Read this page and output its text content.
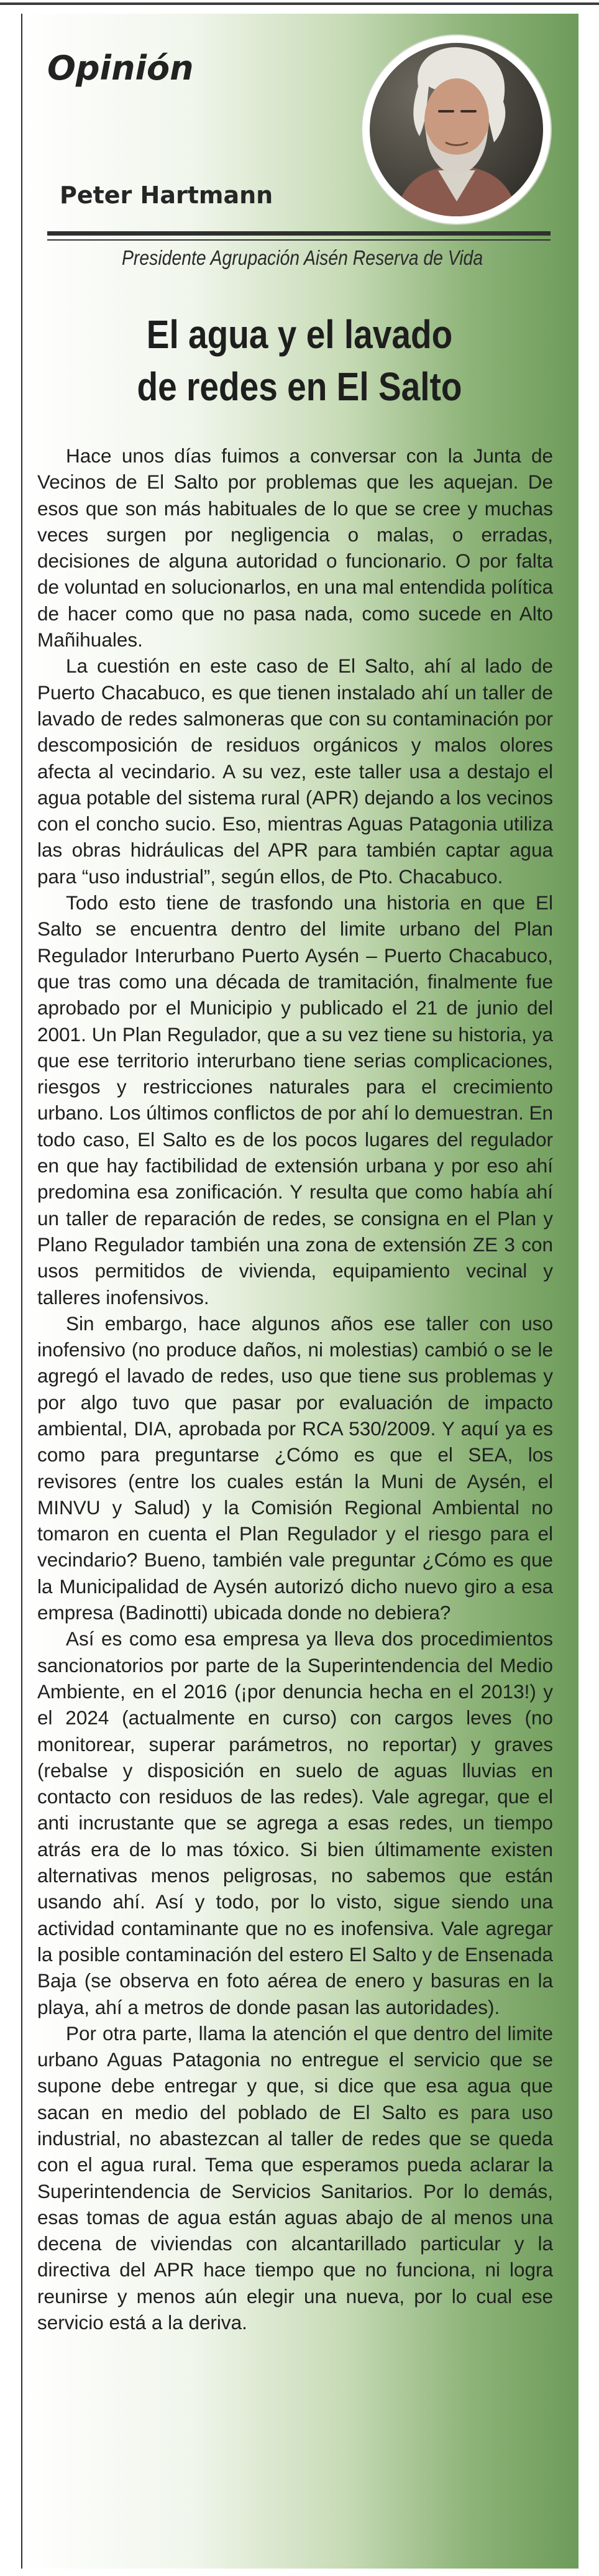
Opinión
Peter Hartmann
Presidente Agrupación Aisén Reserva de Vida
El agua y el lavado
de redes en El Salto

Hace unos días fuimos a conversar con la Junta de Vecinos de El Salto por problemas que les aquejan. De esos que son más habituales de lo que se cree y muchas veces surgen por negligencia o malas, o erradas, decisiones de alguna autoridad o funcionario. O por falta de voluntad en solucionarlos, en una mal entendida política de hacer como que no pasa nada, como sucede en Alto Mañihuales.

La cuestión en este caso de El Salto, ahí al lado de Puerto Chacabuco, es que tienen instalado ahí un taller de lavado de redes salmoneras que con su contaminación por descomposición de residuos orgánicos y malos olores afecta al vecindario. A su vez, este taller usa a destajo el agua potable del sistema rural (APR) dejando a los vecinos con el concho sucio. Eso, mientras Aguas Patagonia utiliza las obras hidráulicas del APR para también captar agua para “uso industrial”, según ellos, de Pto. Chacabuco.

Todo esto tiene de trasfondo una historia en que El Salto se encuentra dentro del limite urbano del Plan Regulador Interurbano Puerto Aysén – Puerto Chacabuco, que tras como una década de tramitación, finalmente fue aprobado por el Municipio y publicado el 21 de junio del 2001. Un Plan Regulador, que a su vez tiene su historia, ya que ese territorio interurbano tiene serias complicaciones, riesgos y restricciones naturales para el crecimiento urbano. Los últimos conflictos de por ahí lo demuestran. En todo caso, El Salto es de los pocos lugares del regulador en que hay factibilidad de extensión urbana y por eso ahí predomina esa zonificación. Y resulta que como había ahí un taller de reparación de redes, se consigna en el Plan y Plano Regulador también una zona de extensión ZE 3 con usos permitidos de vivienda, equipamiento vecinal y talleres inofensivos.

Sin embargo, hace algunos años ese taller con uso inofensivo (no produce daños, ni molestias) cambió o se le agregó el lavado de redes, uso que tiene sus problemas y por algo tuvo que pasar por evaluación de impacto ambiental, DIA, aprobada por RCA 530/2009. Y aquí ya es como para preguntarse ¿Cómo es que el SEA, los revisores (entre los cuales están la Muni de Aysén, el MINVU y Salud) y la Comisión Regional Ambiental no tomaron en cuenta el Plan Regulador y el riesgo para el vecindario? Bueno, también vale preguntar ¿Cómo es que la Municipalidad de Aysén autorizó dicho nuevo giro a esa empresa (Badinotti) ubicada donde no debiera?

Así es como esa empresa ya lleva dos procedimientos sancionatorios por parte de la Superintendencia del Medio Ambiente, en el 2016 (¡por denuncia hecha en el 2013!) y el 2024 (actualmente en curso) con cargos leves (no monitorear, superar parámetros, no reportar) y graves (rebalse y disposición en suelo de aguas lluvias en contacto con residuos de las redes). Vale agregar, que el anti incrustante que se agrega a esas redes, un tiempo atrás era de lo mas tóxico. Si bien últimamente existen alternativas menos peligrosas, no sabemos que están usando ahí. Así y todo, por lo visto, sigue siendo una actividad contaminante que no es inofensiva. Vale agregar la posible contaminación del estero El Salto y de Ensenada Baja (se observa en foto aérea de enero y basuras en la playa, ahí a metros de donde pasan las autoridades).

Por otra parte, llama la atención el que dentro del limite urbano Aguas Patagonia no entregue el servicio que se supone debe entregar y que, si dice que esa agua que sacan en medio del poblado de El Salto es para uso industrial, no abastezcan al taller de redes que se queda con el agua rural. Tema que esperamos pueda aclarar la Superintendencia de Servicios Sanitarios. Por lo demás, esas tomas de agua están aguas abajo de al menos una decena de viviendas con alcantarillado particular y la directiva del APR hace tiempo que no funciona, ni logra reunirse y menos aún elegir una nueva, por lo cual ese servicio está a la deriva.
